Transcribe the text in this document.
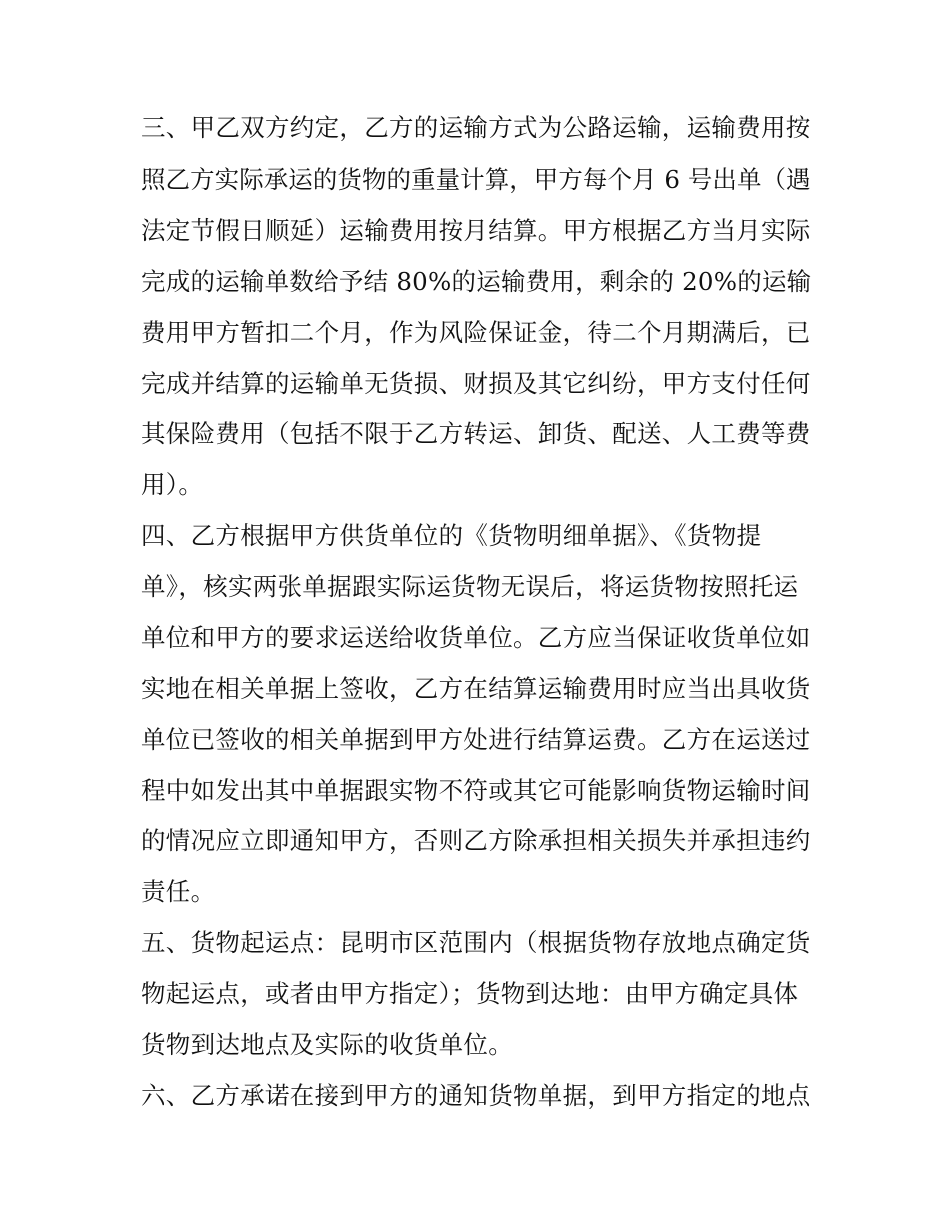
三、甲乙双方约定，乙方的运输方式为公路运输，运输费用按
照乙方实际承运的货物的重量计算，甲方每个月 6 号出单（遇
法定节假日顺延）运输费用按月结算。甲方根据乙方当月实际
完成的运输单数给予结 80%的运输费用，剩余的 20%的运输
费用甲方暂扣二个月，作为风险保证金，待二个月期满后，已
完成并结算的运输单无货损、财损及其它纠纷，甲方支付任何
其保险费用（包括不限于乙方转运、卸货、配送、人工费等费
用）。
四、乙方根据甲方供货单位的《货物明细单据》、《货物提
单》，核实两张单据跟实际运货物无误后，将运货物按照托运
单位和甲方的要求运送给收货单位。乙方应当保证收货单位如
实地在相关单据上签收，乙方在结算运输费用时应当出具收货
单位已签收的相关单据到甲方处进行结算运费。乙方在运送过
程中如发出其中单据跟实物不符或其它可能影响货物运输时间
的情况应立即通知甲方，否则乙方除承担相关损失并承担违约
责任。
五、货物起运点：昆明市区范围内（根据货物存放地点确定货
物起运点，或者由甲方指定）；货物到达地：由甲方确定具体
货物到达地点及实际的收货单位。
六、乙方承诺在接到甲方的通知货物单据，到甲方指定的地点
